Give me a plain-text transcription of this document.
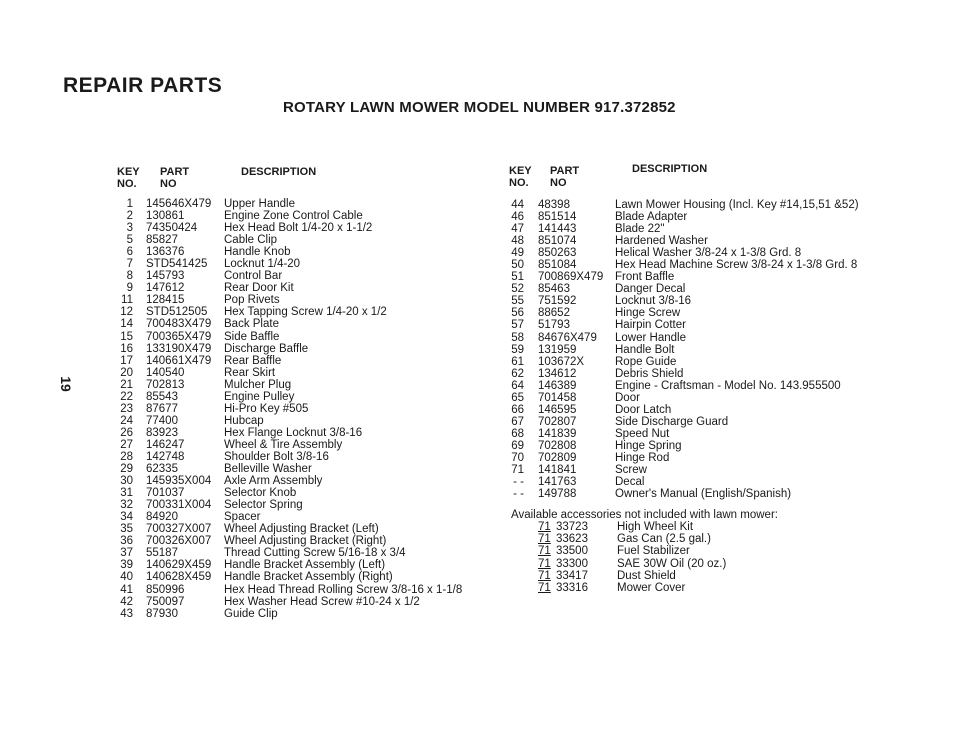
REPAIR PARTS
ROTARY LAWN MOWER MODEL NUMBER 917.372852
19
KEY
NO.
PART
NO
DESCRIPTION	KEY
NO.
PART
NO
DESCRIPTION
1 145646X479 Upper Handle
2 130861	Engine Zone Control Cable
3 74350424 Hex Head Bolt 1/4-20 x 1-1/2
5 85827	Cable Clip
6 136376	Handle Knob
7 STD541425 Locknut 1/4-20
8 145793	Control Bar
9 147612	Rear Door Kit
11 128415	Pop Rivets
12 STD512505 Hex Tapping Screw 1/4-20 x 1/2
14 700483X479 Back Plate
15 700365X479 Side Baffle
16 133190X479 Discharge Baffle
17 140661X479 Rear Baffle
20 140540	Rear Skirt
21 702813	Mulcher Plug
22 85543	Engine Pulley
23 87677	Hi-Pro Key #505
24 77400	Hubcap
26 83923	Hex Flange Locknut 3/8-16
27 146247	Wheel & Tire Assembly
28 142748	Shoulder Bolt 3/8-16
29 62335	Belleville Washer
30 145935X004 Axle Arm Assembly
31 701037	Selector Knob
32 700331X004 Selector Spring
34 84920	Spacer
35 700327X007 Wheel Adjusting Bracket (Left)
36 700326X007 Wheel Adjusting Bracket (Right)
37 55187	Thread Cutting Screw 5/16-18 x 3/4
39 140629X459 Handle Bracket Assembly (Left)
40 140628X459 Handle Bracket Assembly (Right)
41 850996	Hex Head Thread Rolling Screw 3/8-16 x 1-1/8
42 750097	Hex Washer Head Screw #10-24 x 1/2
43 87930	Guide Clip
44 48398	Lawn Mower Housing (Incl. Key #14,15,51 &52)
46 851514	Blade Adapter
47 141443	Blade 22"
48 851074	Hardened Washer
49 850263	Helical Washer 3/8-24 x 1-3/8 Grd. 8
50 851084	Hex Head Machine Screw 3/8-24 x 1-3/8 Grd. 8
51 700869X479 Front Baffle
52 85463	Danger Decal
55 751592	Locknut 3/8-16
56 88652	Hinge Screw
57 51793	Hairpin Cotter
58 84676X479 Lower Handle
59 131959	Handle Bolt
61 103672X	Rope Guide
62 134612	Debris Shield
64 146389	Engine - Craftsman - Model No. 143.955500
65 701458	Door
66 146595	Door Latch
67 702807	Side Discharge Guard
68 141839	Speed Nut
69 702808	Hinge Spring
70 702809	Hinge Rod
71 141841	Screw
- - 141763	Decal
- - 149788	Owner's Manual (English/Spanish)
Available accessories not included with lawn mower:
71 33723	High Wheel Kit
71 33623	Gas Can (2.5 gal.)
71 33500	Fuel Stabilizer
71 33300	SAE 30W Oil (20 oz.)
71 33417	Dust Shield
71 33316	Mower Cover
